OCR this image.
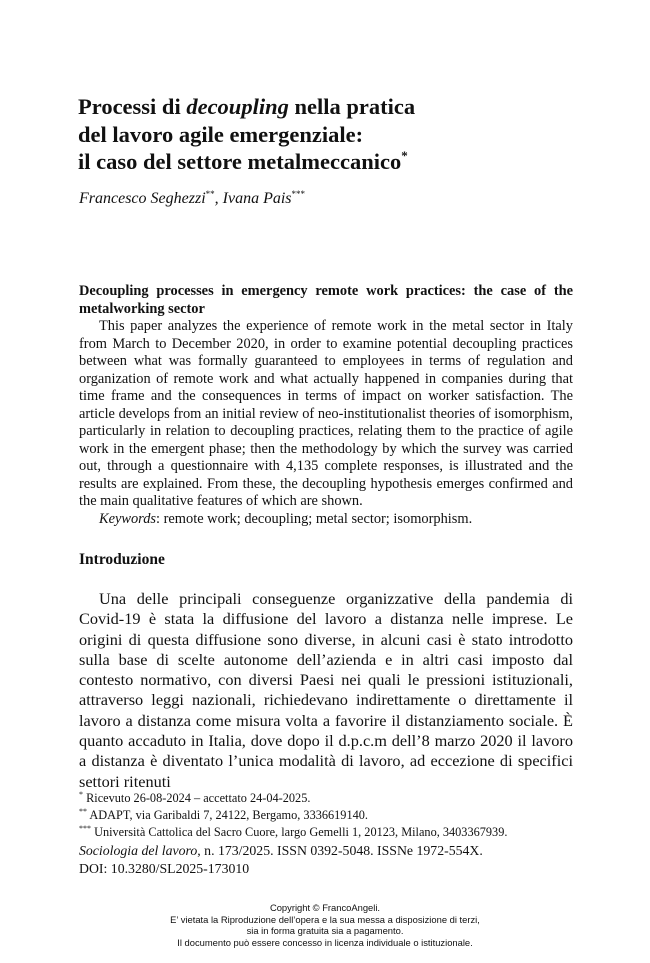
Processi di decoupling nella pratica
del lavoro agile emergenziale:
il caso del settore metalmeccanico*
Francesco Seghezzi**, Ivana Pais***
Decoupling processes in emergency remote work practices: the case of the metalworking sector

This paper analyzes the experience of remote work in the metal sector in Italy from March to December 2020, in order to examine potential decoupling practices between what was formally guaranteed to employees in terms of regulation and organization of remote work and what actually happened in companies during that time frame and the consequences in terms of impact on worker satisfaction. The article develops from an initial review of neo-institutionalist theories of isomorphism, particularly in relation to decoupling practices, relating them to the practice of agile work in the emergent phase; then the methodology by which the survey was carried out, through a questionnaire with 4,135 complete responses, is illustrated and the results are explained. From these, the decoupling hypothesis emerges confirmed and the main qualitative features of which are shown.

Keywords: remote work; decoupling; metal sector; isomorphism.

Introduzione

Una delle principali conseguenze organizzative della pandemia di Covid-19 è stata la diffusione del lavoro a distanza nelle imprese. Le origini di questa diffusione sono diverse, in alcuni casi è stato introdotto sulla base di scelte autonome dell’azienda e in altri casi imposto dal contesto normativo, con diversi Paesi nei quali le pressioni istituzionali, attraverso leggi nazionali, richiedevano indirettamente o direttamente il lavoro a distanza come misura volta a favorire il distanziamento sociale. È quanto accaduto in Italia, dove dopo il d.p.c.m dell’8 marzo 2020 il lavoro a distanza è diventato l’unica modalità di lavoro, ad eccezione di specifici settori ritenuti

* Ricevuto 26-08-2024 – accettato 24-04-2025.
** ADAPT, via Garibaldi 7, 24122, Bergamo, 3336619140.
*** Università Cattolica del Sacro Cuore, largo Gemelli 1, 20123, Milano, 3403367939.
Sociologia del lavoro, n. 173/2025. ISSN 0392-5048. ISSNe 1972-554X.
DOI: 10.3280/SL2025-173010
Copyright © FrancoAngeli.
E’ vietata la Riproduzione dell’opera e la sua messa a disposizione di terzi,
sia in forma gratuita sia a pagamento.
Il documento può essere concesso in licenza individuale o istituzionale.
